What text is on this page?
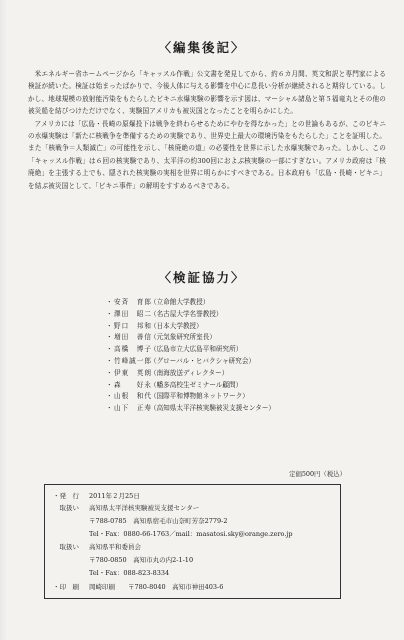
〈編集後記〉

米エネルギー省ホームページから「キャッスル作戦」公文書を発見してから、約６カ月間、英文和訳と専門家による検証が続いた。検証は始まったばかりで、今後人体に与える影響を中心に息長い分析が継続されると期待している。しかし、地球規模の放射能汚染をもたらしたビキニ水爆実験の影響を示す図は、マーシャル諸島と第５福竜丸とその他の被災船を結びつけただけでなく、実験国アメリカも被災国となったことを明らかにした。

アメリカには「広島・長崎の原爆投下は戦争を終わらせるためにやむを得なかった」との世論もあるが、このビキニの水爆実験は「新たに核戦争を準備するための実験であり、世界史上最大の環境汚染をもたらした」ことを証明した。また「核戦争＝人類滅亡」の可能性を示し、「核廃絶の道」の必要性を世界に示した水爆実験であった。しかし、この「キャッスル作戦」は６回の核実験であり、太平洋の約300回におよぶ核実験の一部にすぎない。アメリカ政府は「核廃絶」を主張する上でも、隠された核実験の実相を世界に明らかにすべきである。日本政府も「広島・長崎・ビキニ」を結ぶ被災国として、「ビキニ事件」の解明をすすめるべきである。

〈検証協力〉
・ 安斉　育郎
（立命館大学教授）
・ 澤田　昭二
（名古屋大学名誉教授）
・ 野口　邦和
（日本大学教授）
・ 増田　善信
（元気象研究所室長）
・ 高橋　博子
（広島市立大広島平和研究所）
・ 竹峰誠一郎
（グローバル・ヒバクシャ研究会）
・ 伊東　英朗
（南海放送ディレクター）
・ 森　　好永
（幡多高校生ゼミナール顧問）
・ 山根　和代
（国際平和博物館ネットワーク）
・ 山下　正寿
（高知県太平洋核実験被災支援センター）
定価500円（税込）
・発　行 2011年２月25日
　取扱い 高知県太平洋核実験被災支援センター
〒788-0785　高知県宿毛市山奈町芳奈2779-2
Tel・Fax：0880-66-1763／mail：masatosi.sky@orange.zero.jp
　取扱い 高知県平和委員会
〒780-0850　高知市丸の内2-1-10
Tel・Fax：088-823-8334
・印　刷 岡崎印刷　　〒780-8040　高知市神田403-6
